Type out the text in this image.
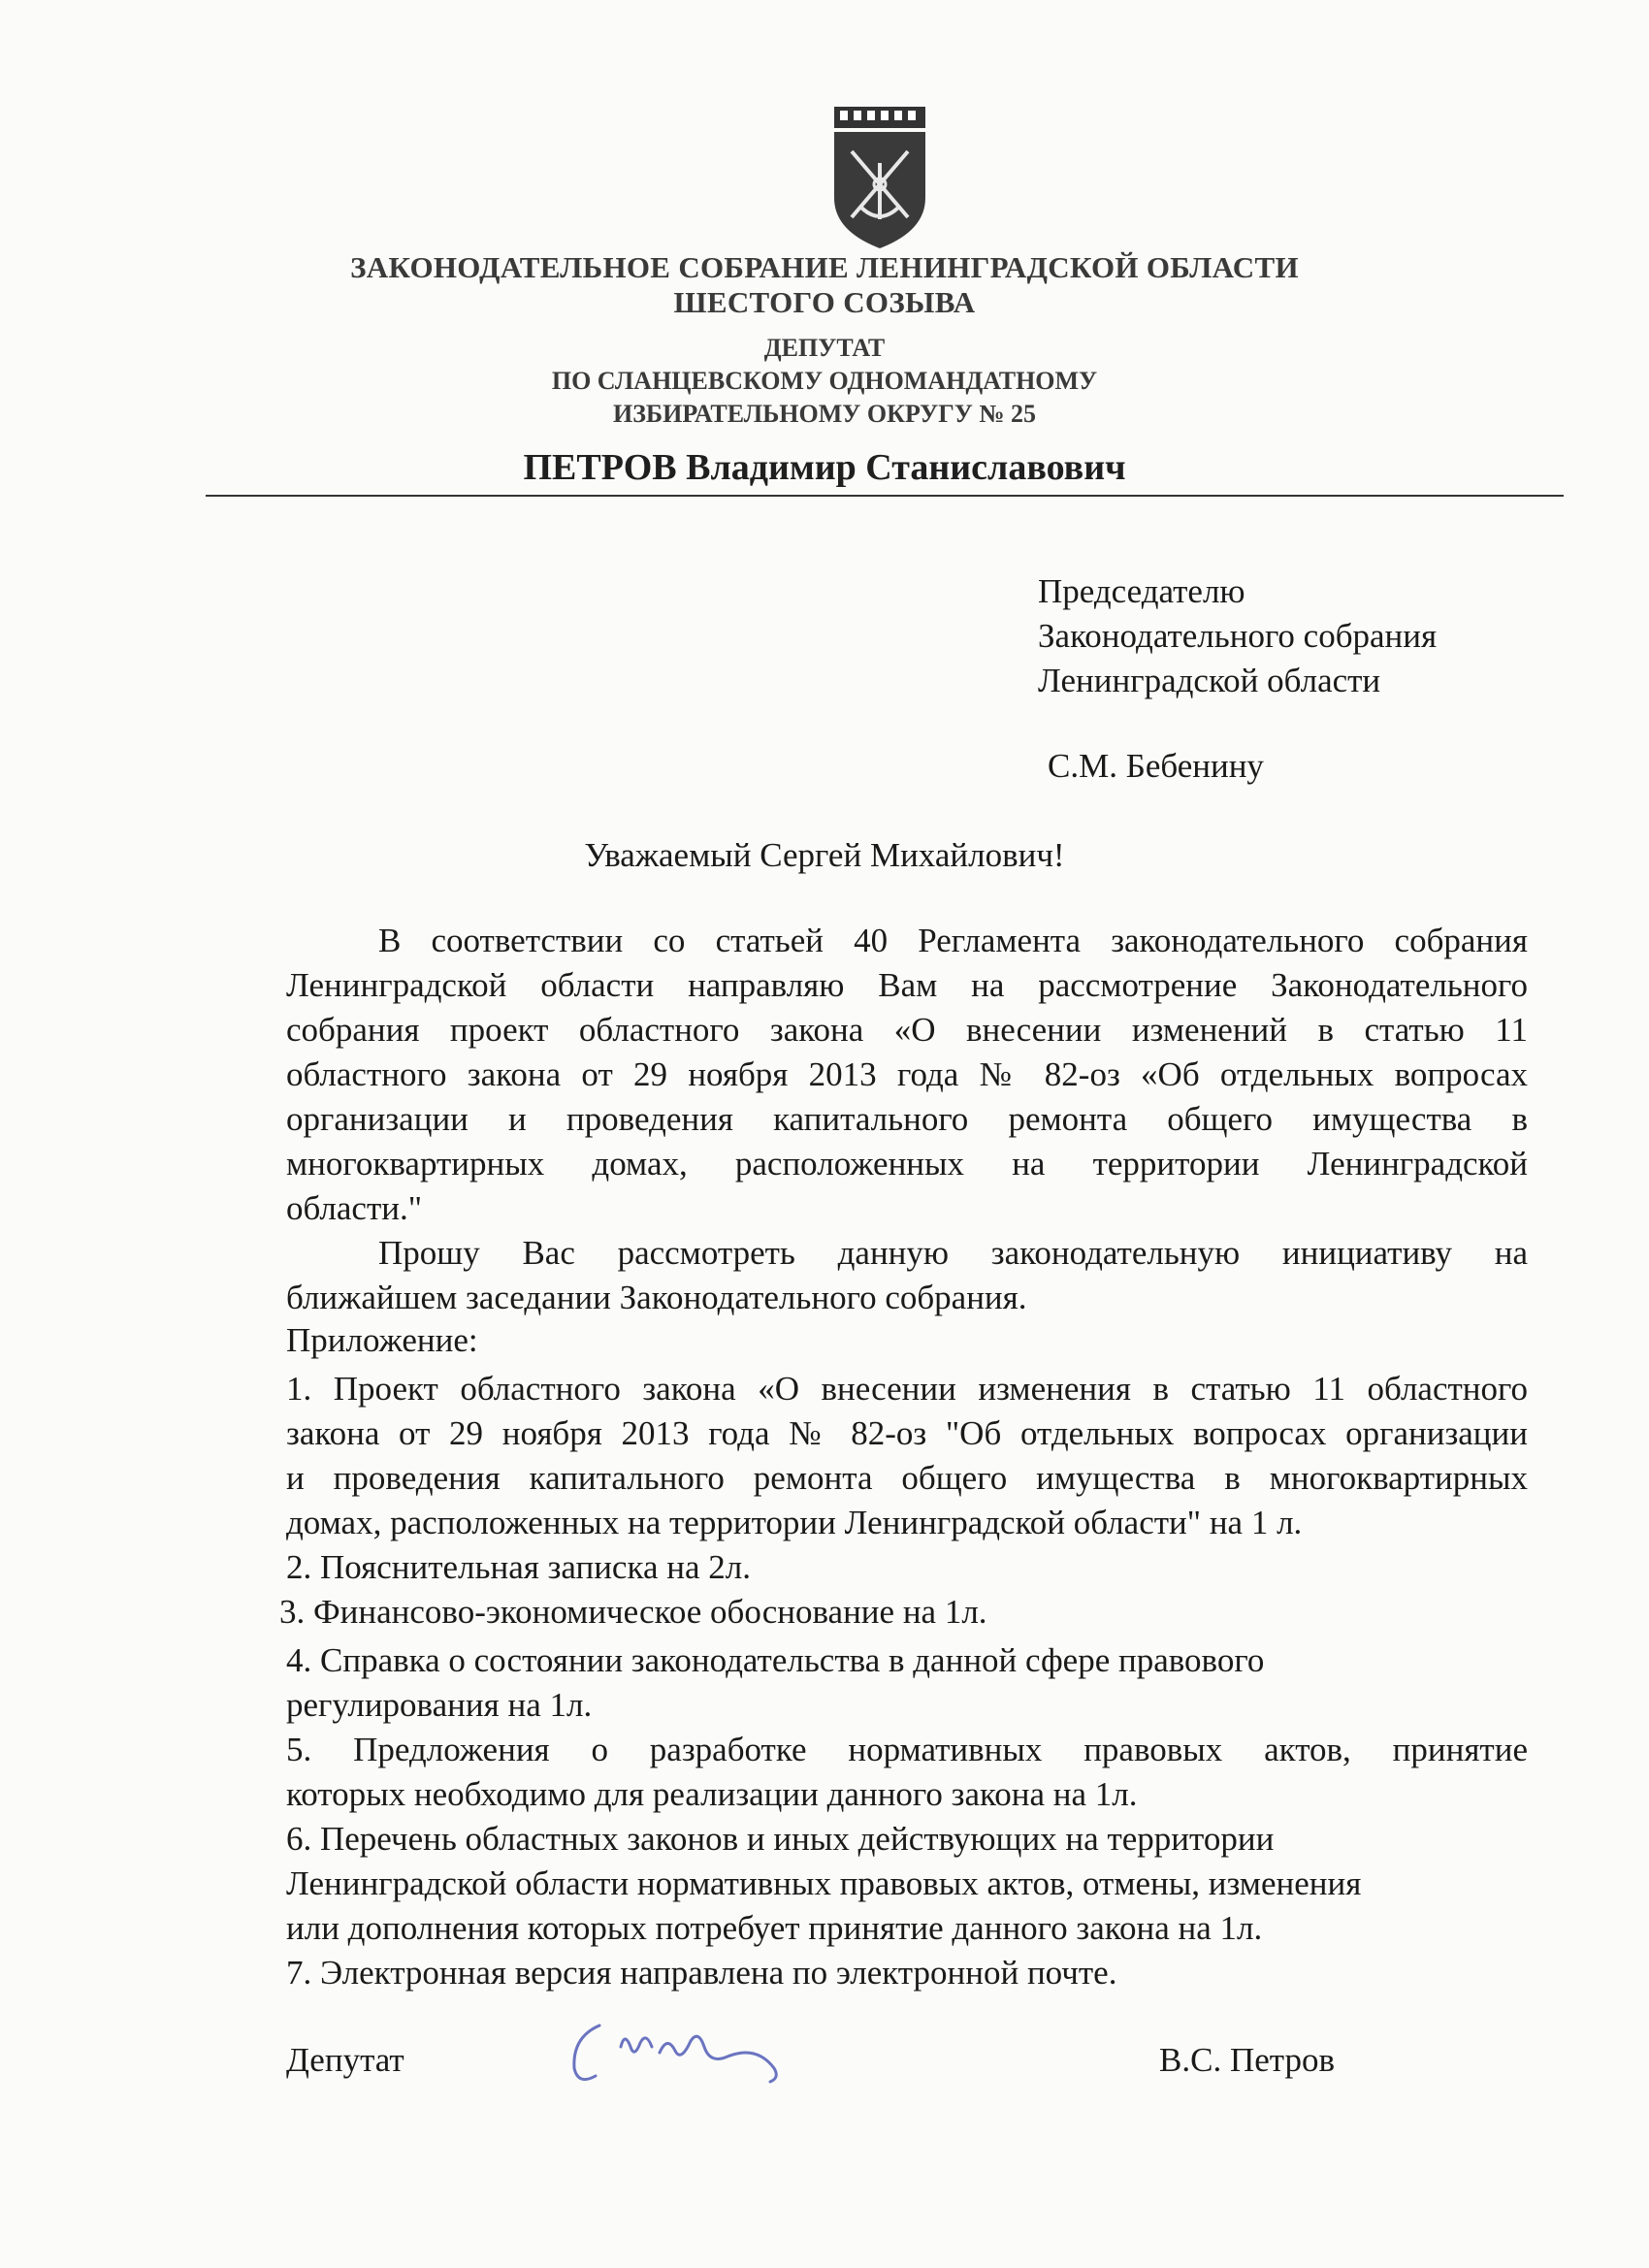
ЗАКОНОДАТЕЛЬНОЕ СОБРАНИЕ ЛЕНИНГРАДСКОЙ ОБЛАСТИ
ШЕСТОГО СОЗЫВА
ДЕПУТАТ
ПО СЛАНЦЕВСКОМУ ОДНОМАНДАТНОМУ
ИЗБИРАТЕЛЬНОМУ ОКРУГУ № 25
ПЕТРОВ Владимир Станиславович
Председателю
Законодательного собрания
Ленинградской области
С.М. Бебенину
Уважаемый Сергей Михайлович!
В соответствии со статьей 40 Регламента законодательного собрания
Ленинградской области направляю Вам на рассмотрение Законодательного
собрания проект областного закона «О внесении изменений в статью 11
областного закона от 29 ноября 2013 года № 82-оз «Об отдельных вопросах
организации и проведения капитального ремонта общего имущества в
многоквартирных домах, расположенных на территории Ленинградской
области."
Прошу Вас рассмотреть данную законодательную инициативу на
ближайшем заседании Законодательного собрания.
Приложение:
1. Проект областного закона «О внесении изменения в статью 11 областного
закона от 29 ноября 2013 года № 82-оз "Об отдельных вопросах организации
и проведения капитального ремонта общего имущества в многоквартирных
домах, расположенных на территории Ленинградской области" на 1 л.
2. Пояснительная записка на 2л.
3. Финансово-экономическое обоснование на 1л.
4. Справка о состоянии законодательства в данной сфере правового
регулирования на 1л.
5. Предложения о разработке нормативных правовых актов, принятие
которых необходимо для реализации данного закона на 1л.
6. Перечень областных законов и иных действующих на территории
Ленинградской области нормативных правовых актов, отмены, изменения
или дополнения которых потребует принятие данного закона на 1л.
7. Электронная версия направлена по электронной почте.
Депутат	В.С. Петров
